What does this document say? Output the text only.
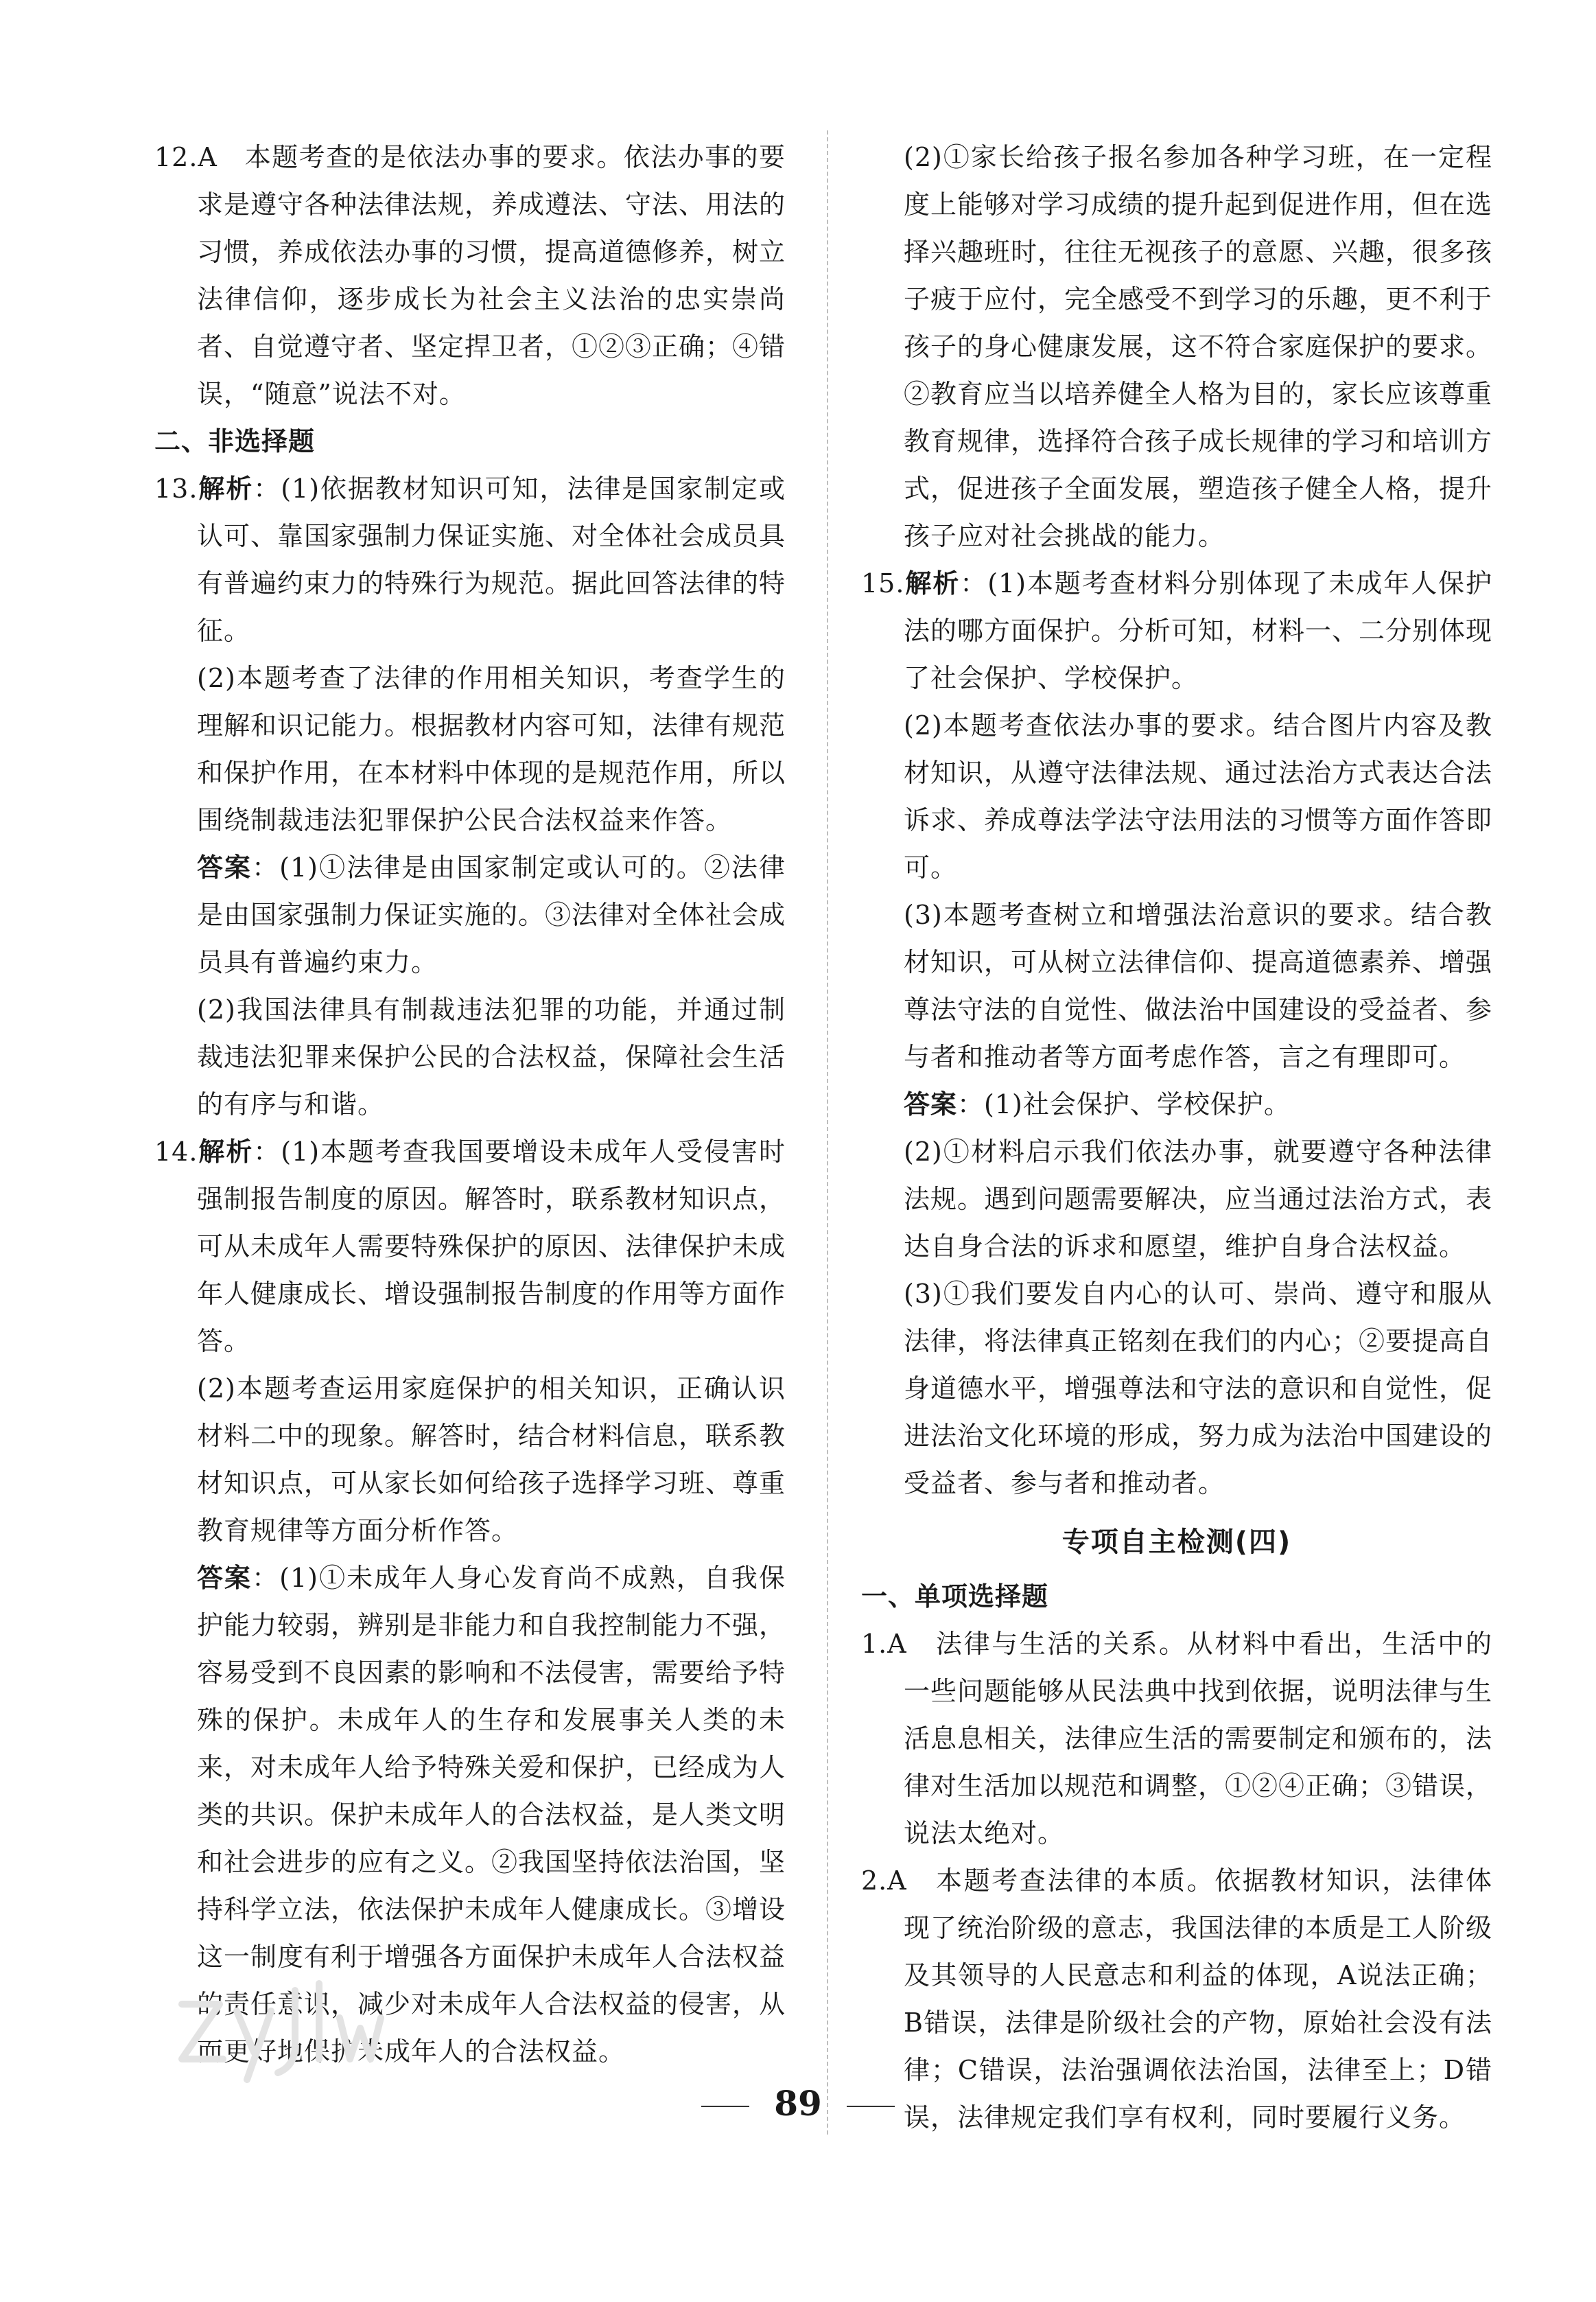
12.A　本题考查的是依法办事的要求。依法办事的要求是遵守各种法律法规，养成遵法、守法、用法的习惯，养成依法办事的习惯，提高道德修养，树立法律信仰，逐步成长为社会主义法治的忠实崇尚者、自觉遵守者、坚定捍卫者，①②③正确；④错误，“随意”说法不对。

二、非选择题

13.解析：(1)依据教材知识可知，法律是国家制定或认可、靠国家强制力保证实施、对全体社会成员具有普遍约束力的特殊行为规范。据此回答法律的特征。

(2)本题考查了法律的作用相关知识，考查学生的理解和识记能力。根据教材内容可知，法律有规范和保护作用，在本材料中体现的是规范作用，所以围绕制裁违法犯罪保护公民合法权益来作答。

答案：(1)①法律是由国家制定或认可的。②法律是由国家强制力保证实施的。③法律对全体社会成员具有普遍约束力。

(2)我国法律具有制裁违法犯罪的功能，并通过制裁违法犯罪来保护公民的合法权益，保障社会生活的有序与和谐。

14.解析：(1)本题考查我国要增设未成年人受侵害时强制报告制度的原因。解答时，联系教材知识点，可从未成年人需要特殊保护的原因、法律保护未成年人健康成长、增设强制报告制度的作用等方面作答。

(2)本题考查运用家庭保护的相关知识，正确认识材料二中的现象。解答时，结合材料信息，联系教材知识点，可从家长如何给孩子选择学习班、尊重教育规律等方面分析作答。

答案：(1)①未成年人身心发育尚不成熟，自我保护能力较弱，辨别是非能力和自我控制能力不强，容易受到不良因素的影响和不法侵害，需要给予特殊的保护。未成年人的生存和发展事关人类的未来，对未成年人给予特殊关爱和保护，已经成为人类的共识。保护未成年人的合法权益，是人类文明和社会进步的应有之义。②我国坚持依法治国，坚持科学立法，依法保护未成年人健康成长。③增设这一制度有利于增强各方面保护未成年人合法权益的责任意识，减少对未成年人合法权益的侵害，从而更好地保护未成年人的合法权益。

(2)①家长给孩子报名参加各种学习班，在一定程度上能够对学习成绩的提升起到促进作用，但在选择兴趣班时，往往无视孩子的意愿、兴趣，很多孩子疲于应付，完全感受不到学习的乐趣，更不利于孩子的身心健康发展，这不符合家庭保护的要求。②教育应当以培养健全人格为目的，家长应该尊重教育规律，选择符合孩子成长规律的学习和培训方式，促进孩子全面发展，塑造孩子健全人格，提升孩子应对社会挑战的能力。

15.解析：(1)本题考查材料分别体现了未成年人保护法的哪方面保护。分析可知，材料一、二分别体现了社会保护、学校保护。

(2)本题考查依法办事的要求。结合图片内容及教材知识，从遵守法律法规、通过法治方式表达合法诉求、养成尊法学法守法用法的习惯等方面作答即可。

(3)本题考查树立和增强法治意识的要求。结合教材知识，可从树立法律信仰、提高道德素养、增强尊法守法的自觉性、做法治中国建设的受益者、参与者和推动者等方面考虑作答，言之有理即可。

答案：(1)社会保护、学校保护。

(2)①材料启示我们依法办事，就要遵守各种法律法规。遇到问题需要解决，应当通过法治方式，表达自身合法的诉求和愿望，维护自身合法权益。

(3)①我们要发自内心的认可、崇尚、遵守和服从法律，将法律真正铭刻在我们的内心；②要提高自身道德水平，增强尊法和守法的意识和自觉性，促进法治文化环境的形成，努力成为法治中国建设的受益者、参与者和推动者。

专项自主检测(四)

一、单项选择题

1.A　法律与生活的关系。从材料中看出，生活中的一些问题能够从民法典中找到依据，说明法律与生活息息相关，法律应生活的需要制定和颁布的，法律对生活加以规范和调整，①②④正确；③错误，说法太绝对。

2.A　本题考查法律的本质。依据教材知识，法律体现了统治阶级的意志，我国法律的本质是工人阶级及其领导的人民意志和利益的体现，A说法正确；B错误，法律是阶级社会的产物，原始社会没有法律；C错误，法治强调依法治国，法律至上；D错误，法律规定我们享有权利，同时要履行义务。

89
